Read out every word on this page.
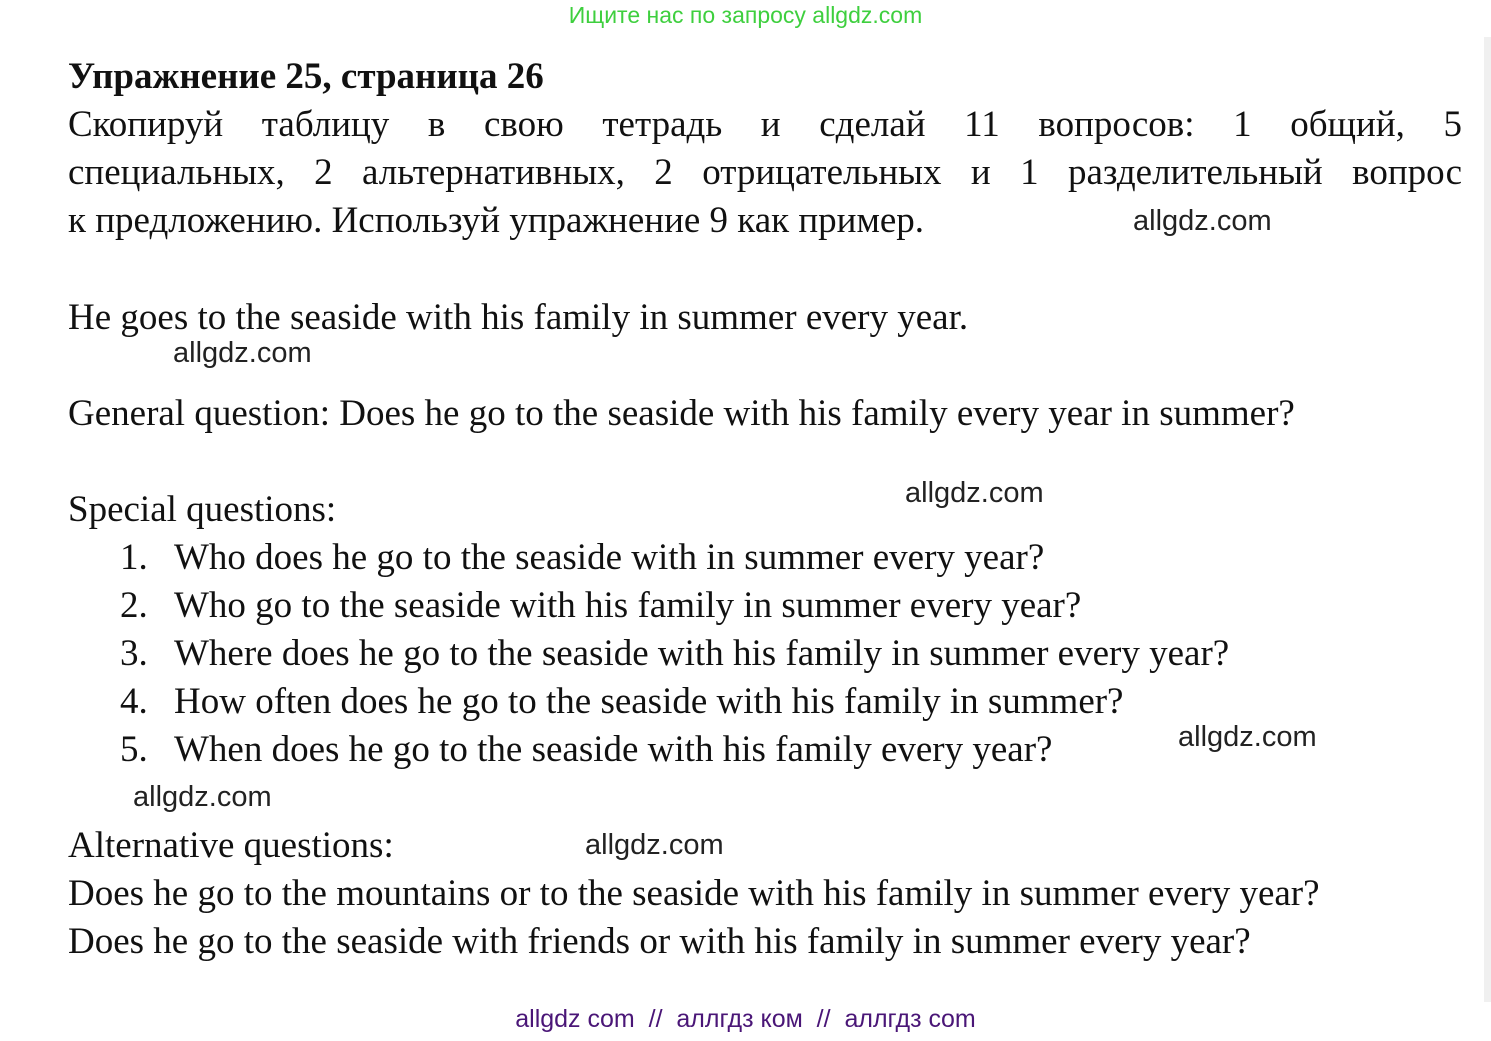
Ищите нас по запросу allgdz.com
Упражнение 25, страница 26
Скопируй таблицу в свою тетрадь и сделай 11 вопросов: 1 общий, 5
специальных, 2 альтернативных, 2 отрицательных и 1 разделительный вопрос
к предложению. Используй упражнение 9 как пример.
He goes to the seaside with his family in summer every year.
General question: Does he go to the seaside with his family every year in summer?
Special questions:
1. Who does he go to the seaside with in summer every year?
2. Who go to the seaside with his family in summer every year?
3. Where does he go to the seaside with his family in summer every year?
4. How often does he go to the seaside with his family in summer?
5. When does he go to the seaside with his family every year?
Alternative questions:
Does he go to the mountains or to the seaside with his family in summer every year?
Does he go to the seaside with friends or with his family in summer every year?
allgdz.com
allgdz.com
allgdz.com
allgdz.com
allgdz.com
allgdz.com
allgdz com  //  аллгдз ком  //  аллгдз com
